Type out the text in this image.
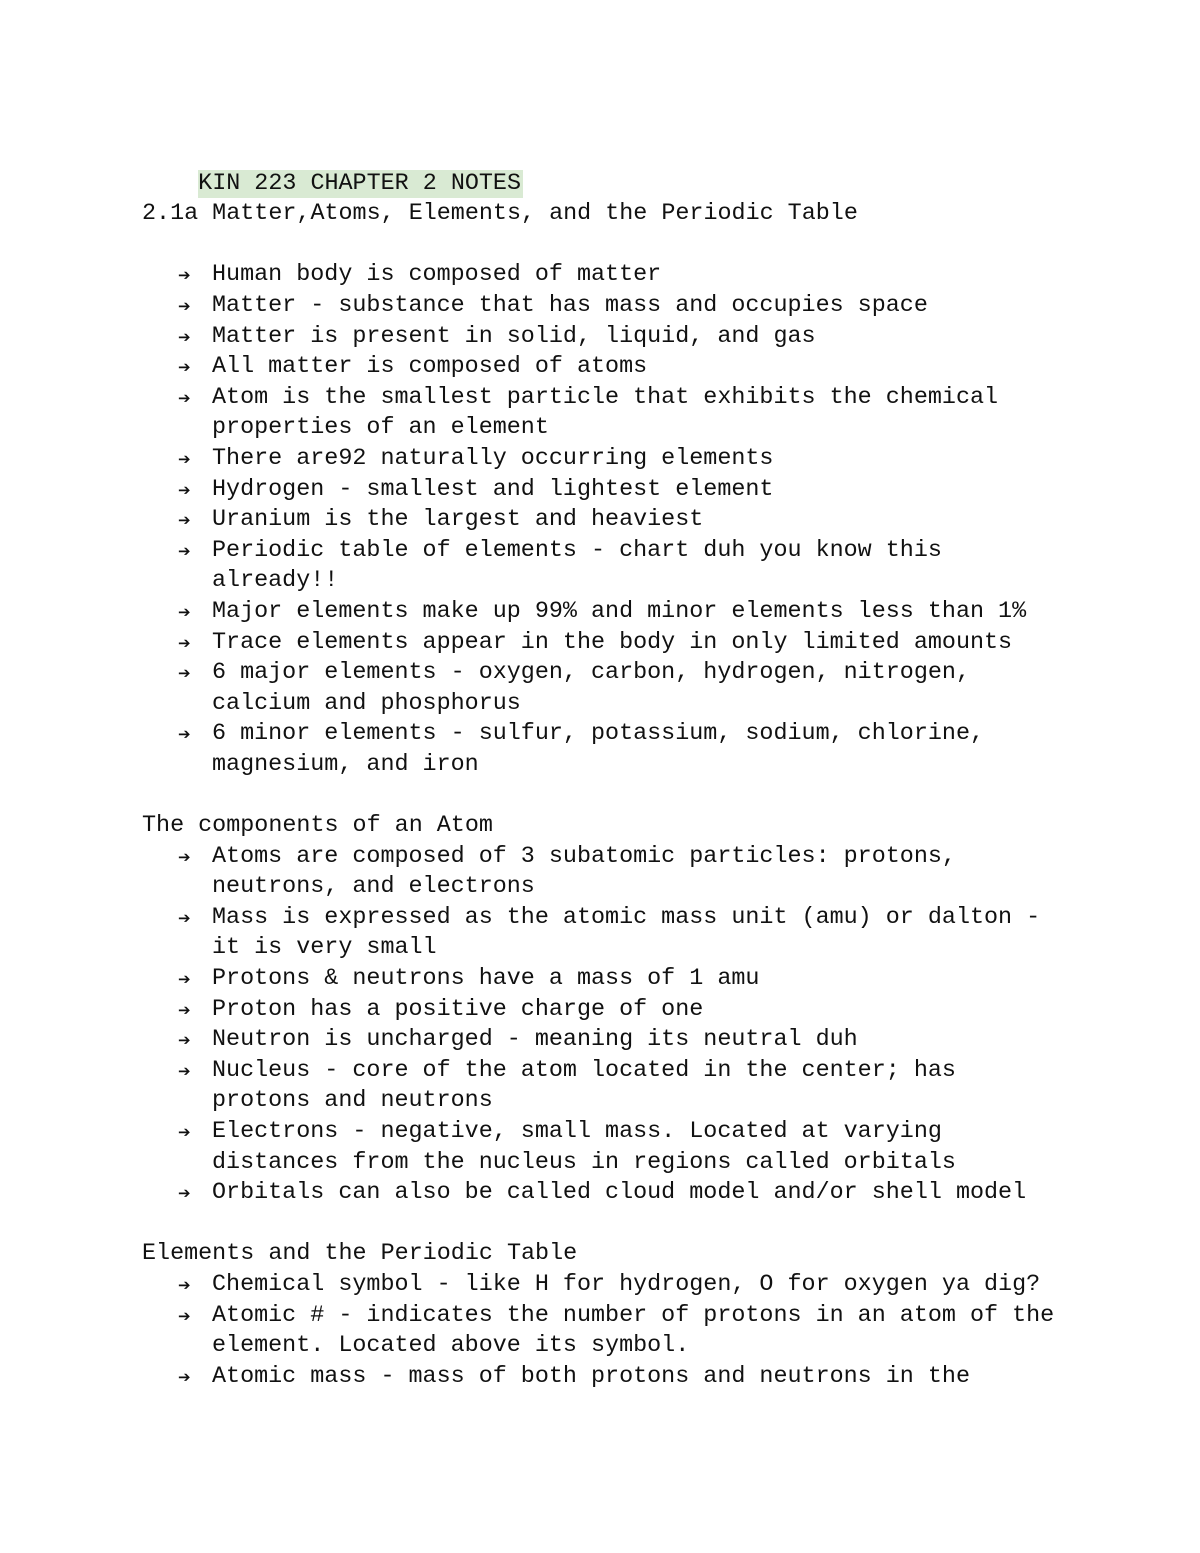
KIN 223 CHAPTER 2 NOTES

2.1a Matter,Atoms, Elements, and the Periodic Table
➔ Human body is composed of matter
➔ Matter - substance that has mass and occupies space
➔ Matter is present in solid, liquid, and gas
➔ All matter is composed of atoms
➔ Atom is the smallest particle that exhibits the chemical
properties of an element
➔ There are92 naturally occurring elements
➔ Hydrogen - smallest and lightest element
➔ Uranium is the largest and heaviest
➔ Periodic table of elements - chart duh you know this
already!!
➔ Major elements make up 99% and minor elements less than 1%
➔ Trace elements appear in the body in only limited amounts
➔ 6 major elements - oxygen, carbon, hydrogen, nitrogen,
calcium and phosphorus
➔ 6 minor elements - sulfur, potassium, sodium, chlorine,
magnesium, and iron
The components of an Atom
➔ Atoms are composed of 3 subatomic particles: protons,
neutrons, and electrons
➔ Mass is expressed as the atomic mass unit (amu) or dalton -
it is very small
➔ Protons & neutrons have a mass of 1 amu
➔ Proton has a positive charge of one
➔ Neutron is uncharged - meaning its neutral duh
➔ Nucleus - core of the atom located in the center; has
protons and neutrons
➔ Electrons - negative, small mass. Located at varying
distances from the nucleus in regions called orbitals
➔ Orbitals can also be called cloud model and/or shell model
Elements and the Periodic Table
➔ Chemical symbol - like H for hydrogen, O for oxygen ya dig?
➔ Atomic # - indicates the number of protons in an atom of the
element. Located above its symbol.
➔ Atomic mass - mass of both protons and neutrons in the
